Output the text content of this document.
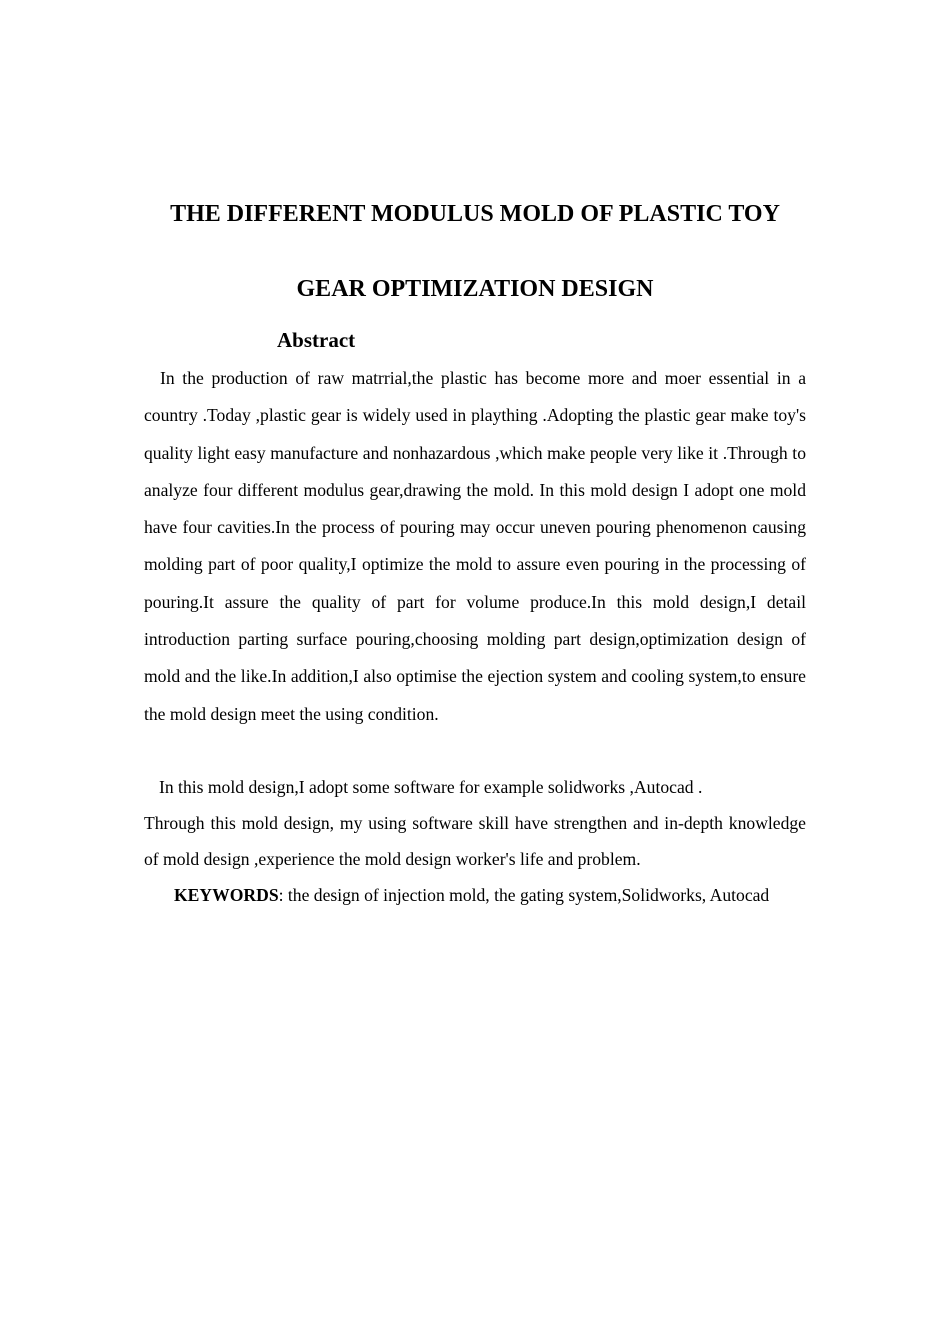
THE DIFFERENT MODULUS MOLD OF PLASTIC TOY
GEAR OPTIMIZATION DESIGN
Abstract

In the production of raw matrrial,the plastic has become more and moer essential in a country .Today ,plastic gear is widely used in plaything .Adopting the plastic gear make toy's quality light easy manufacture and nonhazardous ,which make people very like it .Through to analyze four different modulus gear,drawing the mold. In this mold design I adopt one mold have four cavities.In the process of pouring may occur uneven pouring phenomenon causing molding part of poor quality,I optimize the mold to assure even pouring in the processing of pouring.It assure the quality of part for volume produce.In this mold design,I detail introduction parting surface pouring,choosing molding part design,optimization design of mold and the like.In addition,I also optimise the ejection system and cooling system,to ensure the mold design meet the using condition.

In this mold design,I adopt some software for example solidworks ,Autocad .
Through this mold design, my using software skill have strengthen and in-depth knowledge of mold design ,experience the mold design worker's life and problem.

KEYWORDS: the design of injection mold, the gating system,Solidworks, Autocad
